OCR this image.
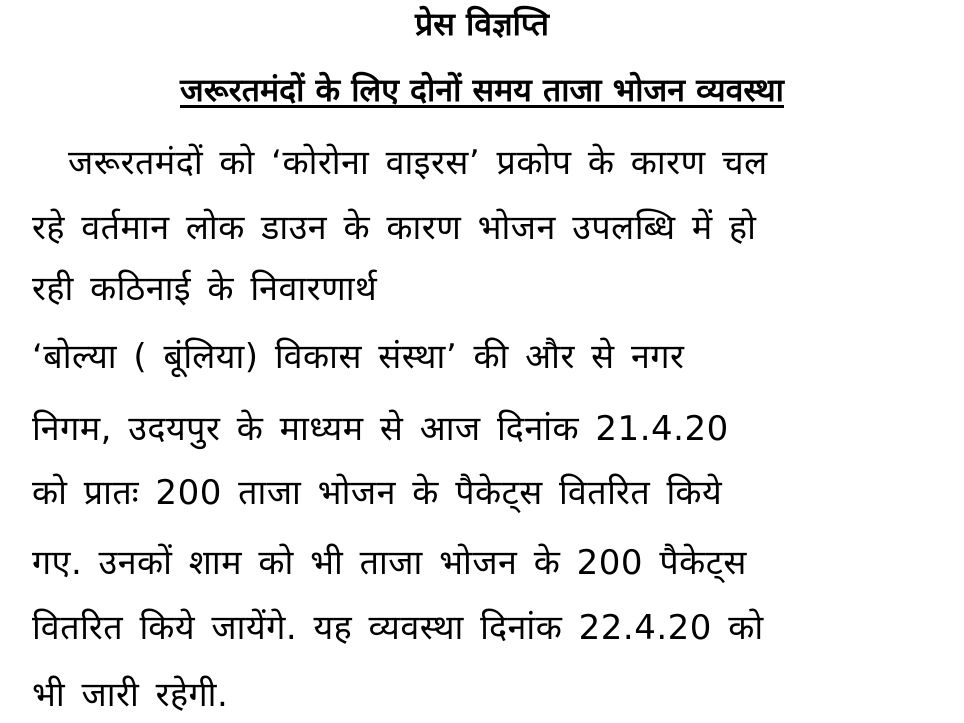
प्रेस विज्ञप्ति
जरूरतमंदों के लिए दोनों समय ताजा भोजन व्यवस्था
जरूरतमंदों को ‘कोरोना वाइरस’ प्रकोप के कारण चल
रहे वर्तमान लोक डाउन के कारण भोजन उपलब्धि में हो
रही कठिनाई के निवारणार्थ
‘बोल्या ( बूंलिया) विकास संस्था’ की और से नगर
निगम, उदयपुर के माध्यम से आज दिनांक 21.4.20
को प्रातः 200 ताजा भोजन के पैकेट्स वितरित किये
गए. उनकों शाम को भी ताजा भोजन के 200 पैकेट्स
वितरित किये जायेंगे. यह व्यवस्था दिनांक 22.4.20 को
भी जारी रहेगी.
